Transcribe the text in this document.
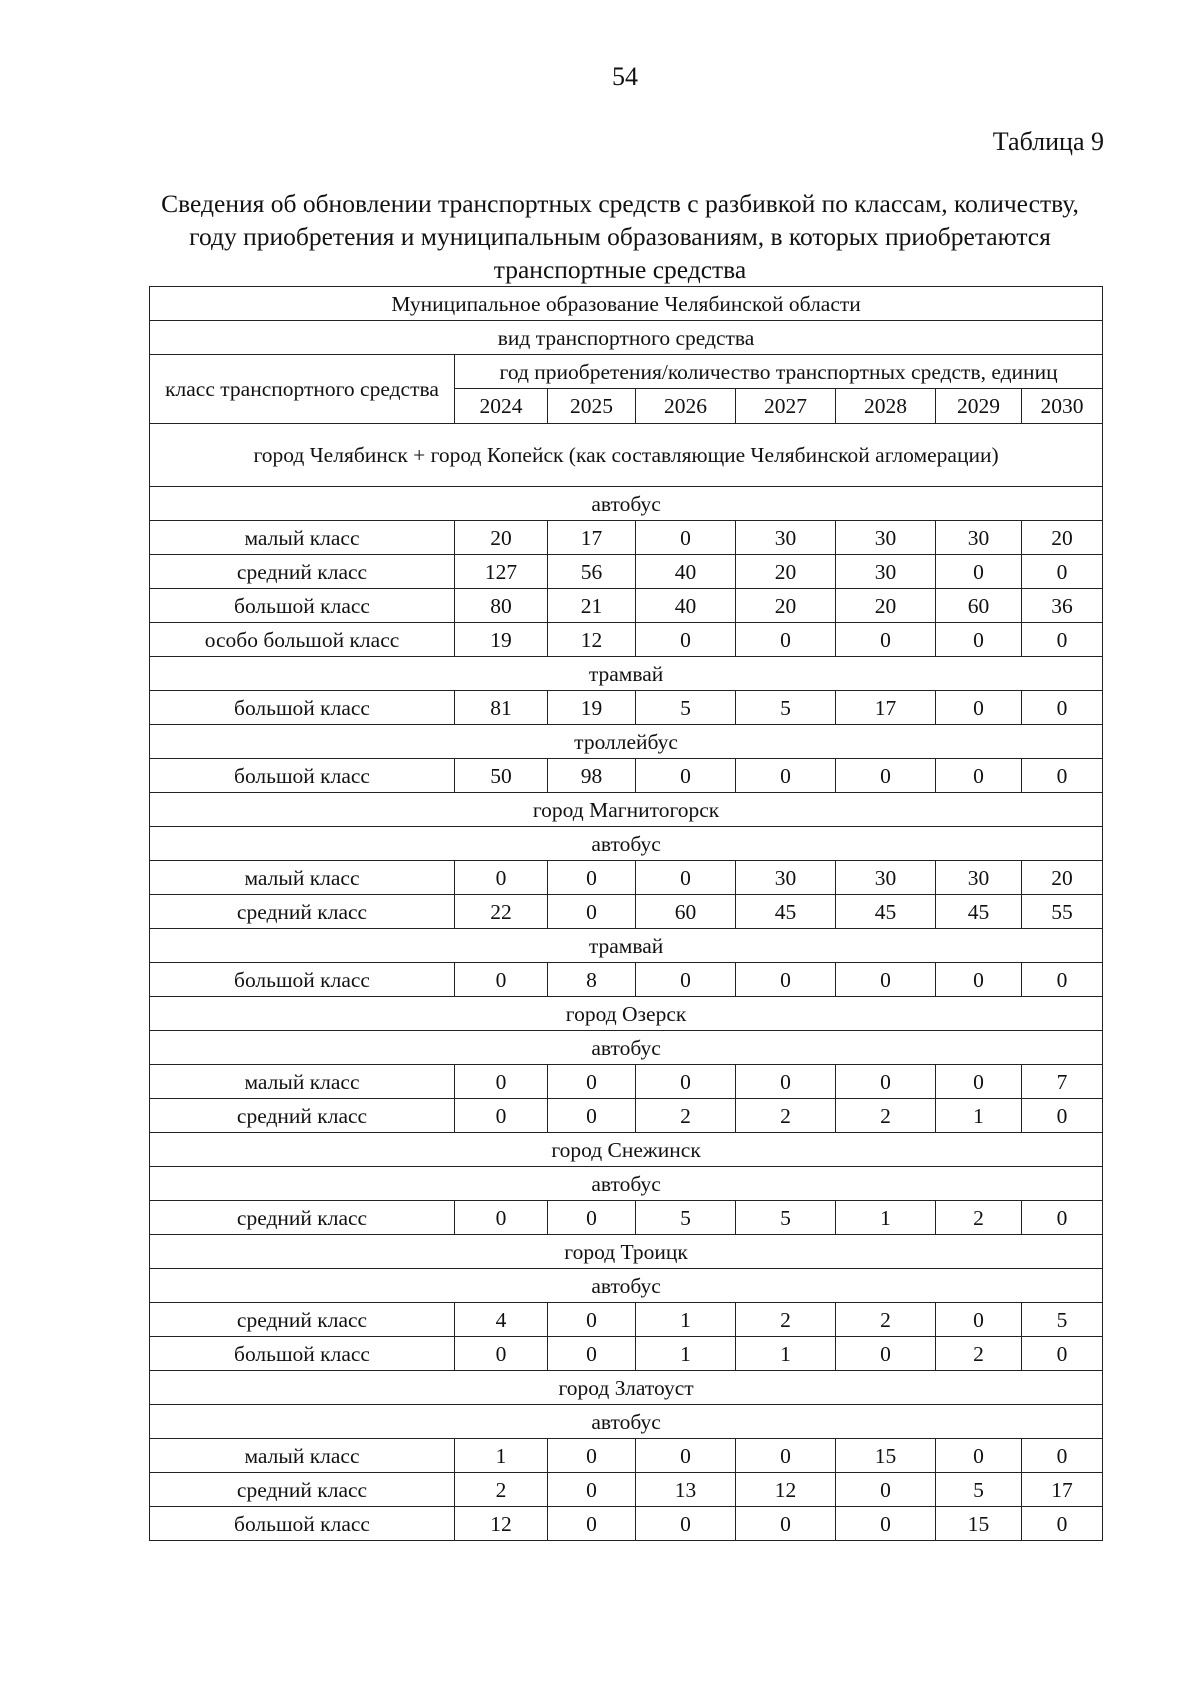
54
Таблица 9
Сведения об обновлении транспортных средств с разбивкой по классам, количеству, году приобретения и муниципальным образованиям, в которых приобретаются транспортные средства
Муниципальное образование Челябинской области							
вид транспортного средства							
класс транспортного средства	год приобретения/количество транспортных средств, единиц						
	2024	2025	2026	2027	2028	2029	2030
город Челябинск + город Копейск (как составляющие Челябинской агломерации)							
автобус							
малый класс	20	17	0	30	30	30	20
средний класс	127	56	40	20	30	0	0
большой класс	80	21	40	20	20	60	36
особо большой класс	19	12	0	0	0	0	0
трамвай							
большой класс	81	19	5	5	17	0	0
троллейбус							
большой класс	50	98	0	0	0	0	0
город Магнитогорск							
автобус							
малый класс	0	0	0	30	30	30	20
средний класс	22	0	60	45	45	45	55
трамвай							
большой класс	0	8	0	0	0	0	0
город Озерск							
автобус							
малый класс	0	0	0	0	0	0	7
средний класс	0	0	2	2	2	1	0
город Снежинск							
автобус							
средний класс	0	0	5	5	1	2	0
город Троицк							
автобус							
средний класс	4	0	1	2	2	0	5
большой класс	0	0	1	1	0	2	0
город Златоуст							
автобус							
малый класс	1	0	0	0	15	0	0
средний класс	2	0	13	12	0	5	17
большой класс	12	0	0	0	0	15	0
